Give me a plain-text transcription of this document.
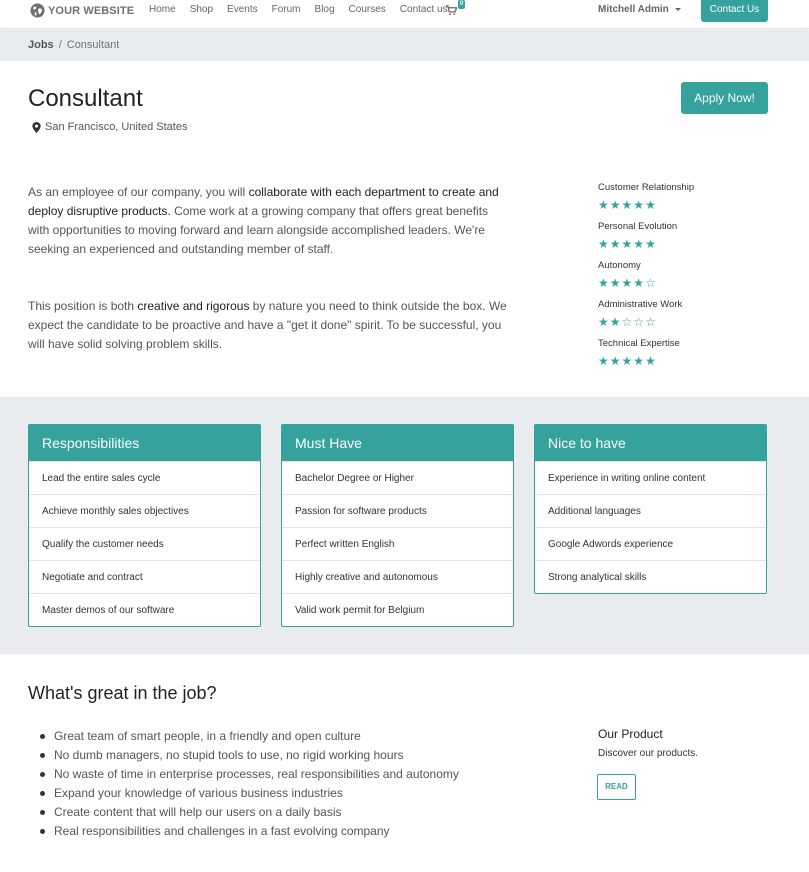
YOUR WEBSITE	Home	Shop	Events	Forum	Blog	Courses	Contact us	0	Mitchell Admin	Contact Us
Jobs / Consultant
Consultant
San Francisco, United States
Apply Now!

As an employee of our company, you will collaborate with each department to create and deploy disruptive products. Come work at a growing company that offers great benefits with opportunities to moving forward and learn alongside accomplished leaders. We're seeking an experienced and outstanding member of staff.

This position is both creative and rigorous by nature you need to think outside the box. We expect the candidate to be proactive and have a "get it done" spirit. To be successful, you will have solid solving problem skills.

Customer Relationship
★ ★ ★ ★ ★
Personal Evolution
★ ★ ★ ★ ★
Autonomy
★ ★ ★ ★ ☆
Administrative Work
★ ★ ☆ ☆ ☆
Technical Expertise
★ ★ ★ ★ ★
Responsibilities
Lead the entire sales cycle
Achieve monthly sales objectives
Qualify the customer needs
Negotiate and contract
Master demos of our software
Must Have
Bachelor Degree or Higher
Passion for software products
Perfect written English
Highly creative and autonomous
Valid work permit for Belgium
Nice to have
Experience in writing online content
Additional languages
Google Adwords experience
Strong analytical skills
What's great in the job?
Great team of smart people, in a friendly and open culture
No dumb managers, no stupid tools to use, no rigid working hours
No waste of time in enterprise processes, real responsibilities and autonomy
Expand your knowledge of various business industries
Create content that will help our users on a daily basis
Real responsibilities and challenges in a fast evolving company
Our Product
Discover our products.
READ
